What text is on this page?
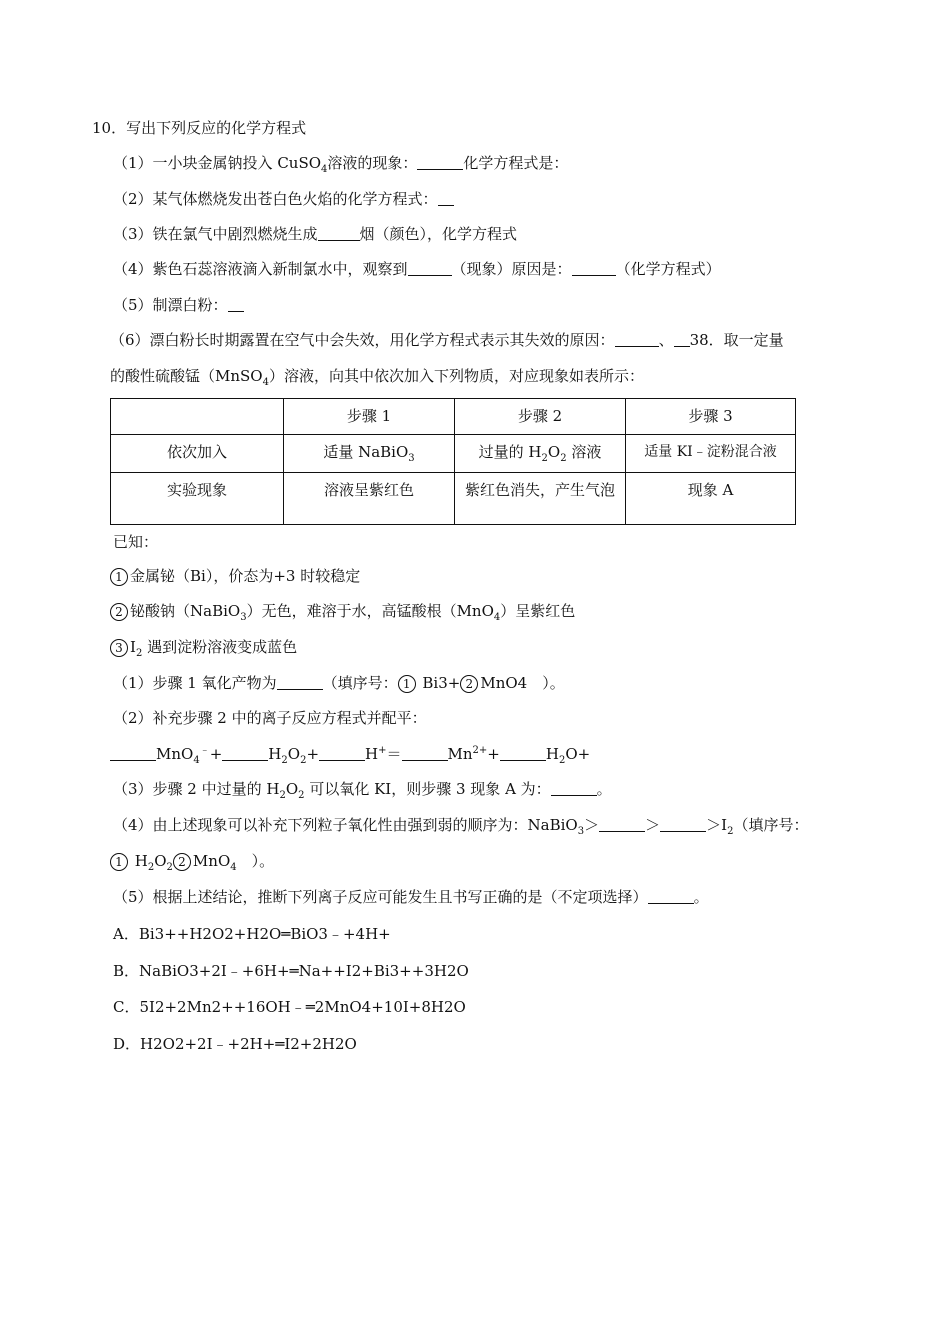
10．写出下列反应的化学方程式
（1）一小块金属钠投入 CuSO$_4$溶液的现象：	化学方程式是：
（2）某气体燃烧发出苍白色火焰的化学方程式：
（3）铁在氯气中剧烈燃烧生成	烟（颜色），化学方程式
（4）紫色石蕊溶液滴入新制氯水中，观察到	（现象）原因是：	（化学方程式）
（5）制漂白粉：
（6）漂白粉长时期露置在空气中会失效，用化学方程式表示其失效的原因：	、 38．取一定量
的酸性硫酸锰（MnSO$_4$）溶液，向其中依次加入下列物质，对应现象如表所示：
	步骤 1	步骤 2	步骤 3
依次加入	适量 NaBiO$_3$	过量的 $H_2O_2$ 溶液	适量 KI﹣淀粉混合液
实验现象	溶液呈紫红色	紫红色消失，产生气泡	现象 A
已知：
1 金属铋（Bi），价态为+3 时较稳定
2 铋酸钠（NaBiO$_3$）无色，难溶于水，高锰酸根（MnO$_4$）呈紫红色
3 $I_2$ 遇到淀粉溶液变成蓝色
（1）步骤 1 氧化产物为	（填序号： 1 Bi3+ 2 MnO4　）。
（2）补充步骤 2 中的离子反应方程式并配平：
MnO$_4$﹣+	$H_2O_2+$	H+＝	$Mn^{2+}+$	$H_2O+$
（3）步骤 2 中过量的 $H_2O_2$ 可以氧化 KI，则步骤 3 现象 A 为：	。
（4）由上述现象可以补充下列粒子氧化性由强到弱的顺序为：NaBiO$_3$＞	＞	$>I_2$（填序号：
1 $H_2O_2$ 2 MnO$_4$　）。
（5）根据上述结论，推断下列离子反应可能发生且书写正确的是（不定项选择）	。
A．Bi3++H2O2+H2O═BiO3﹣+4H+
B．NaBiO3+2I﹣+6H+═Na++I2+Bi3++3H2O
C．5I2+2Mn2++16OH﹣═2MnO4+10I+8H2O
D．H2O2+2I﹣+2H+═I2+2H2O
